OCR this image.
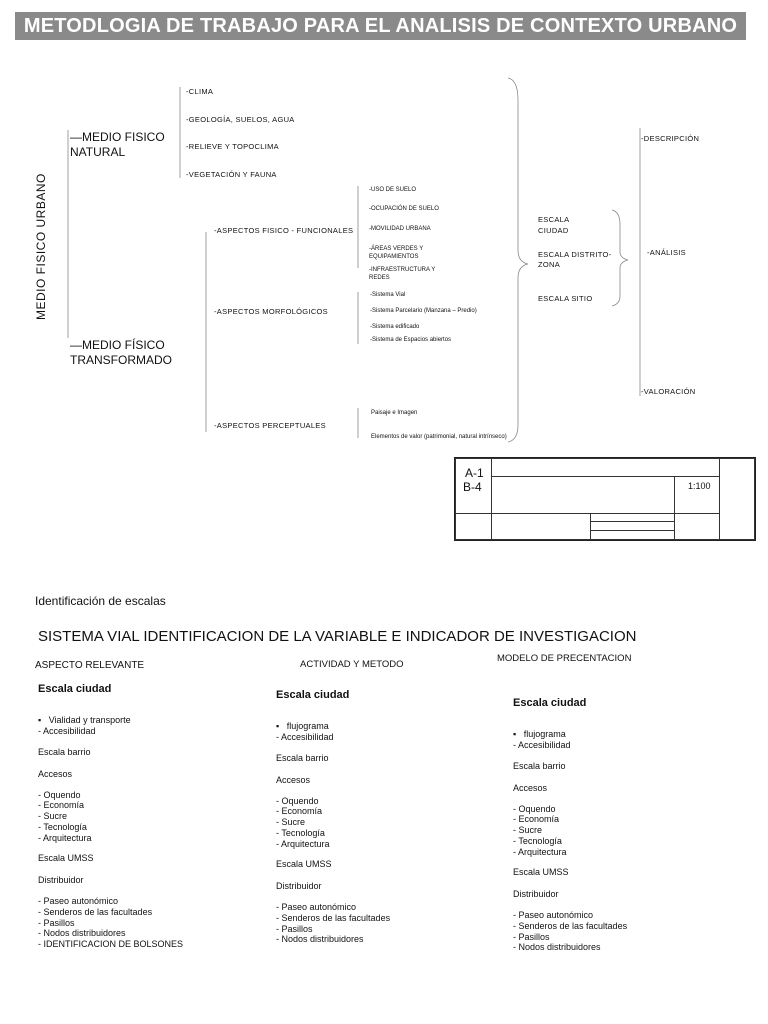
METODLOGIA DE TRABAJO PARA EL ANALISIS DE CONTEXTO URBANO
MEDIO FISICO URBANO
—MEDIO FISICO
NATURAL
—MEDIO FÍSICO
TRANSFORMADO
-CLIMA
-GEOLOGÍA, SUELOS, AGUA
-RELIEVE Y TOPOCLIMA
-VEGETACIÓN Y FAUNA
-ASPECTOS FISICO - FUNCIONALES
-ASPECTOS MORFOLÓGICOS
-ASPECTOS PERCEPTUALES
-USO DE SUELO
-OCUPACIÓN DE SUELO
-MOVILIDAD URBANA
-ÁREAS VERDES Y
EQUIPAMIENTOS
-INFRAESTRUCTURA Y
REDES
-Sistema Vial
-Sistema Parcelario (Manzana – Predio)
-Sistema edificado
-Sistema de Espacios abiertos
Paisaje e Imagen
Elementos de valor (patrimonial, natural intrínseco)
ESCALA
CIUDAD
ESCALA DISTRITO-
ZONA
ESCALA SITIO
-DESCRIPCIÓN
-ANÁLISIS
-VALORACIÓN
A-1
B-4	1:100
Identificación de escalas
SISTEMA VIAL IDENTIFICACION DE LA VARIABLE E INDICADOR DE INVESTIGACION
ASPECTO RELEVANTE	ACTIVIDAD Y METODO
MODELO DE PRECENTACION
Escala ciudad
▪ Vialidad y transporte
- Accesibilidad
Escala barrio
Accesos
- Oquendo
- Economía
- Sucre
- Tecnología
- Arquitectura
Escala UMSS
Distribuidor
- Paseo autonómico
- Senderos de las facultades
- Pasillos
- Nodos distribuidores
- IDENTIFICACION DE BOLSONES
Escala ciudad
▪ flujograma
- Accesibilidad
Escala barrio
Accesos
- Oquendo
- Economía
- Sucre
- Tecnología
- Arquitectura
Escala UMSS
Distribuidor
- Paseo autonómico
- Senderos de las facultades
- Pasillos
- Nodos distribuidores
Escala ciudad
▪ flujograma
- Accesibilidad
Escala barrio
Accesos
- Oquendo
- Economía
- Sucre
- Tecnología
- Arquitectura
Escala UMSS
Distribuidor
- Paseo autonómico
- Senderos de las facultades
- Pasillos
- Nodos distribuidores
